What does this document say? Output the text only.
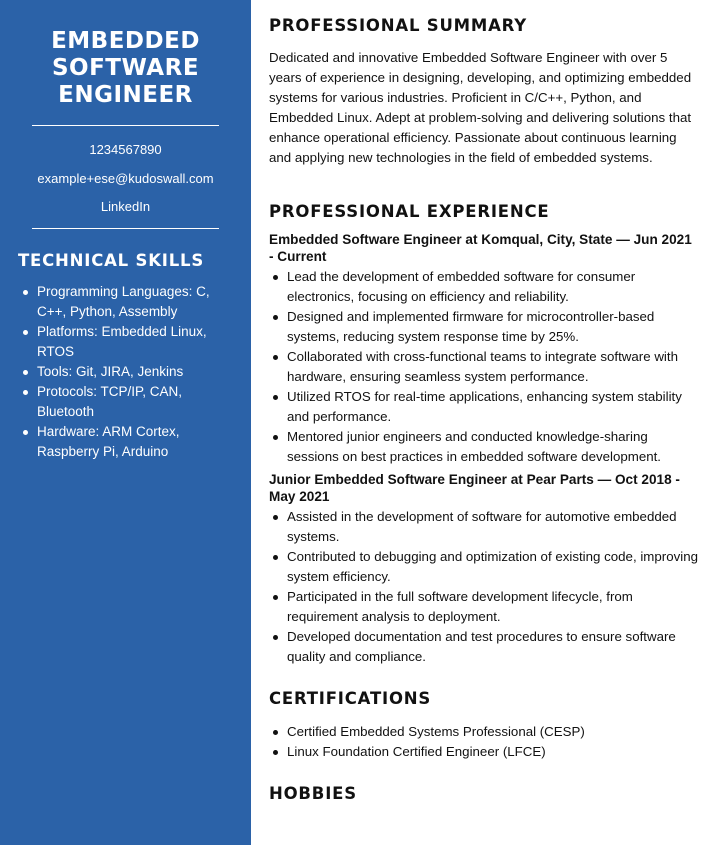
EMBEDDED
SOFTWARE
ENGINEER
1234567890
example+ese@kudoswall.com
LinkedIn
TECHNICAL SKILLS
Programming Languages: C, C++, Python, Assembly
Platforms: Embedded Linux, RTOS
Tools: Git, JIRA, Jenkins
Protocols: TCP/IP, CAN, Bluetooth
Hardware: ARM Cortex, Raspberry Pi, Arduino
PROFESSIONAL SUMMARY

Dedicated and innovative Embedded Software Engineer with over 5 years of experience in designing, developing, and optimizing embedded systems for various industries. Proficient in C/C++, Python, and Embedded Linux. Adept at problem-solving and delivering solutions that enhance operational efficiency. Passionate about continuous learning and applying new technologies in the field of embedded systems.

PROFESSIONAL EXPERIENCE
Embedded Software Engineer at Komqual, City, State — Jun 2021 - Current
Lead the development of embedded software for consumer electronics, focusing on efficiency and reliability.
Designed and implemented firmware for microcontroller-based systems, reducing system response time by 25%.
Collaborated with cross-functional teams to integrate software with hardware, ensuring seamless system performance.
Utilized RTOS for real-time applications, enhancing system stability and performance.
Mentored junior engineers and conducted knowledge-sharing sessions on best practices in embedded software development.
Junior Embedded Software Engineer at Pear Parts — Oct 2018 - May 2021
Assisted in the development of software for automotive embedded systems.
Contributed to debugging and optimization of existing code, improving system efficiency.
Participated in the full software development lifecycle, from requirement analysis to deployment.
Developed documentation and test procedures to ensure software quality and compliance.
CERTIFICATIONS
Certified Embedded Systems Professional (CESP)
Linux Foundation Certified Engineer (LFCE)
HOBBIES
